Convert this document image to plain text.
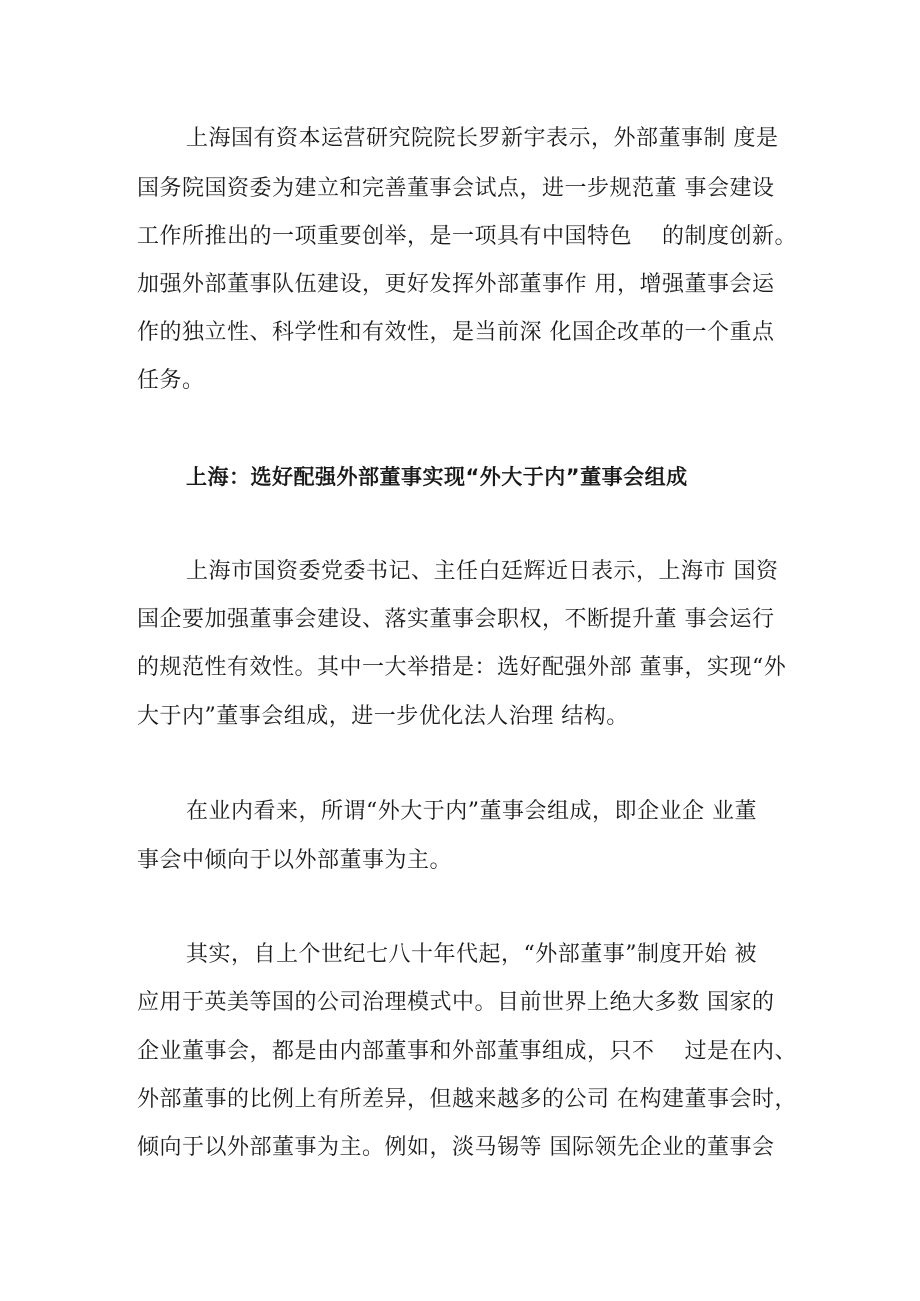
上海国有资本运营研究院院长罗新宇表示，外部董事制 度是
国务院国资委为建立和完善董事会试点，进一步规范董 事会建设
工作所推出的一项重要创举，是一项具有中国特色　 的制度创新。
加强外部董事队伍建设，更好发挥外部董事作 用，增强董事会运
作的独立性、科学性和有效性，是当前深 化国企改革的一个重点
任务。
上海：选好配强外部董事实现“外大于内”董事会组成
上海市国资委党委书记、主任白廷辉近日表示，上海市 国资
国企要加强董事会建设、落实董事会职权，不断提升董 事会运行
的规范性有效性。其中一大举措是：选好配强外部 董事，实现“外
大于内”董事会组成，进一步优化法人治理 结构。
在业内看来，所谓“外大于内”董事会组成，即企业企 业董
事会中倾向于以外部董事为主。
其实，自上个世纪七八十年代起，“外部董事”制度开始 被
应用于英美等国的公司治理模式中。目前世界上绝大多数 国家的
企业董事会，都是由内部董事和外部董事组成，只不　 过是在内、
外部董事的比例上有所差异，但越来越多的公司 在构建董事会时，
倾向于以外部董事为主。例如，淡马锡等 国际领先企业的董事会
